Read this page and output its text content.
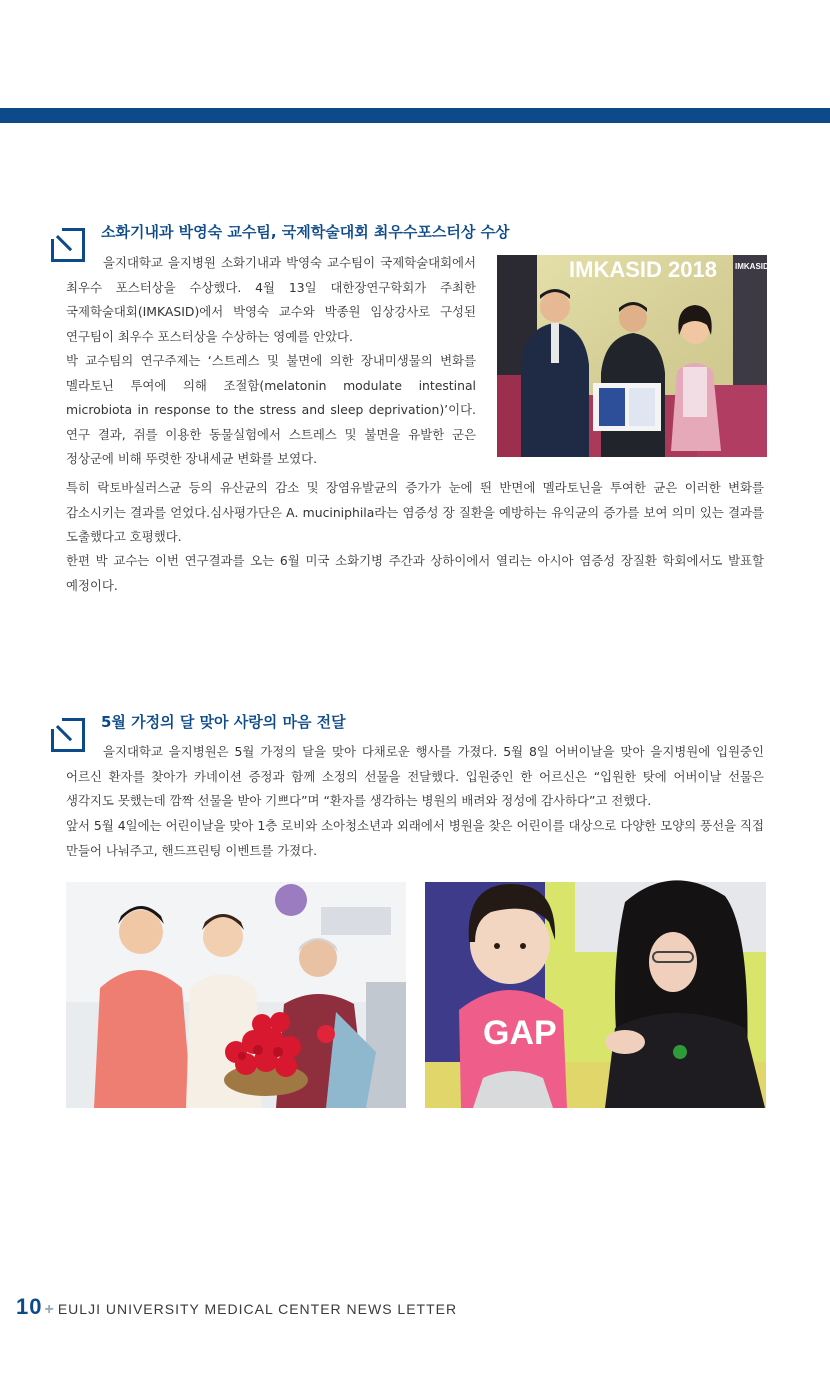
소화기내과 박영숙 교수팀, 국제학술대회 최우수포스터상 수상

을지대학교 을지병원 소화기내과 박영숙 교수팀이 국제학술대회에서 최우수 포스터상을 수상했다. 4월 13일 대한장연구학회가 주최한 국제학술대회(IMKASID)에서 박영숙 교수와 박종원 임상강사로 구성된 연구팀이 최우수 포스터상을 수상하는 영예를 안았다.

박 교수팀의 연구주제는 ‘스트레스 및 불면에 의한 장내미생물의 변화를 멜라토닌 투여에 의해 조절함(melatonin modulate intestinal microbiota in response to the stress and sleep deprivation)’이다. 연구 결과, 쥐를 이용한 동물실험에서 스트레스 및 불면을 유발한 군은 정상군에 비해 뚜렷한 장내세균 변화를 보였다.

특히 락토바실러스균 등의 유산균의 감소 및 장염유발균의 증가가 눈에 띈 반면에 멜라토닌을 투여한 균은 이러한 변화를 감소시키는 결과를 얻었다.심사평가단은 A. muciniphila라는 염증성 장 질환을 예방하는 유익균의 증가를 보여 의미 있는 결과를 도출했다고 호평했다.

한편 박 교수는 이번 연구결과를 오는 6월 미국 소화기병 주간과 상하이에서 열리는 아시아 염증성 장질환 학회에서도 발표할 예정이다.

IMKASID 2018 IMKASID 2018
5월 가정의 달 맞아 사랑의 마음 전달

을지대학교 을지병원은 5월 가정의 달을 맞아 다채로운 행사를 가졌다. 5월 8일 어버이날을 맞아 을지병원에 입원중인 어르신 환자를 찾아가 카네이션 증정과 함께 소정의 선물을 전달했다. 입원중인 한 어르신은 “입원한 탓에 어버이날 선물은 생각지도 못했는데 깜짝 선물을 받아 기쁘다”며 “환자를 생각하는 병원의 배려와 정성에 감사하다”고 전했다.

앞서 5월 4일에는 어린이날을 맞아 1층 로비와 소아청소년과 외래에서 병원을 찾은 어린이를 대상으로 다양한 모양의 풍선을 직접 만들어 나눠주고, 핸드프린팅 이벤트를 가졌다.

GAP
10 + EULJI UNIVERSITY MEDICAL CENTER NEWS LETTER
